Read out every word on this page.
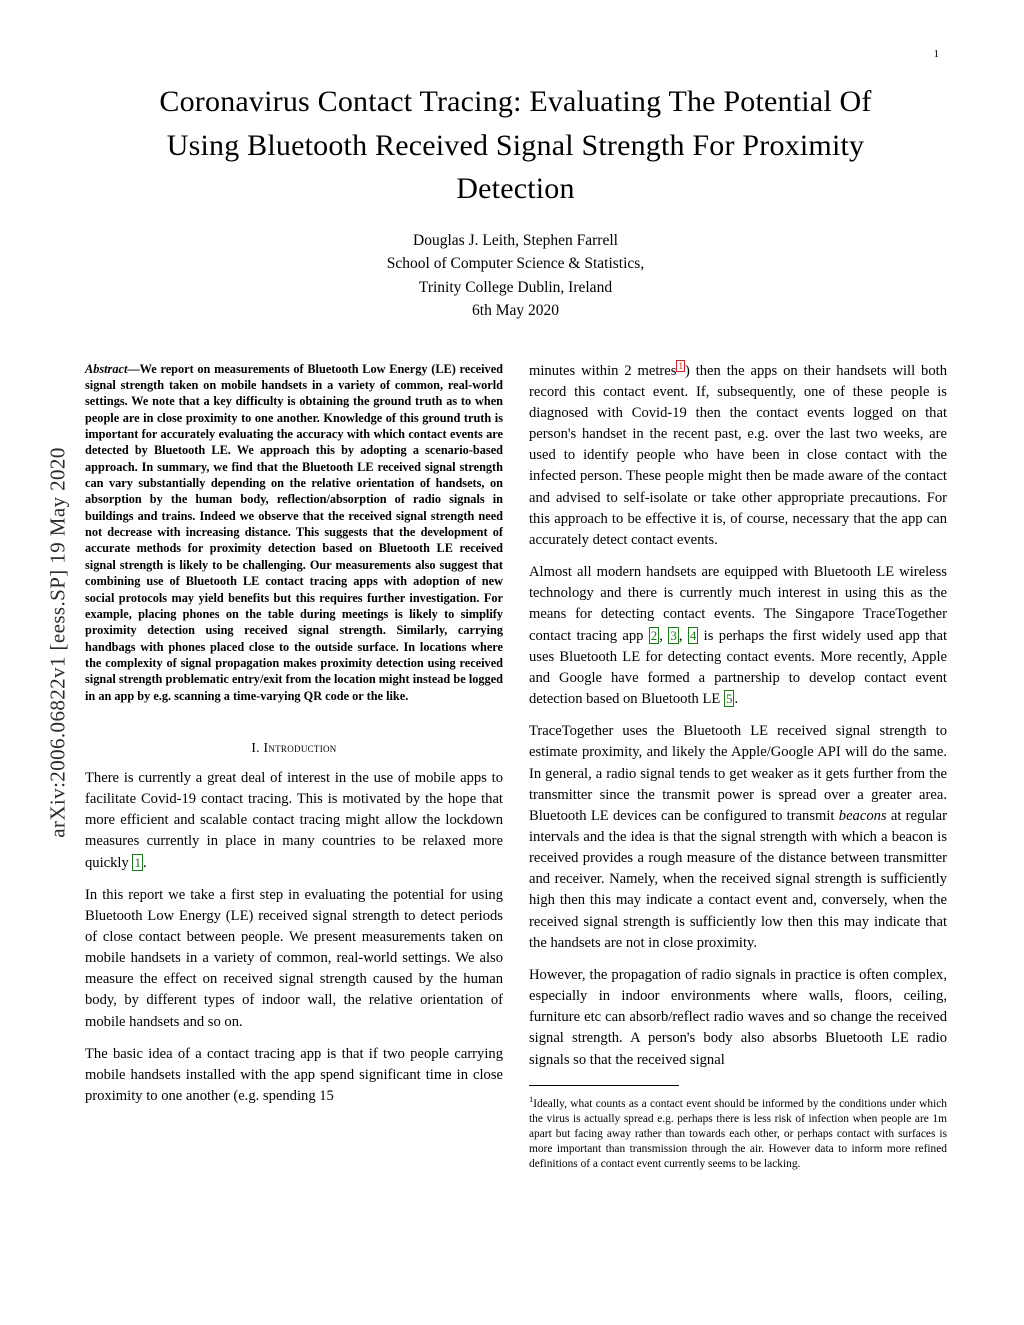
1
arXiv:2006.06822v1 [eess.SP] 19 May 2020
Coronavirus Contact Tracing: Evaluating The Potential Of Using Bluetooth Received Signal Strength For Proximity Detection
Douglas J. Leith, Stephen Farrell
School of Computer Science & Statistics,
Trinity College Dublin, Ireland
6th May 2020
Abstract—We report on measurements of Bluetooth Low Energy (LE) received signal strength taken on mobile handsets in a variety of common, real-world settings. We note that a key difficulty is obtaining the ground truth as to when people are in close proximity to one another. Knowledge of this ground truth is important for accurately evaluating the accuracy with which contact events are detected by Bluetooth LE. We approach this by adopting a scenario-based approach. In summary, we find that the Bluetooth LE received signal strength can vary substantially depending on the relative orientation of handsets, on absorption by the human body, reflection/absorption of radio signals in buildings and trains. Indeed we observe that the received signal strength need not decrease with increasing distance. This suggests that the development of accurate methods for proximity detection based on Bluetooth LE received signal strength is likely to be challenging. Our measurements also suggest that combining use of Bluetooth LE contact tracing apps with adoption of new social protocols may yield benefits but this requires further investigation. For example, placing phones on the table during meetings is likely to simplify proximity detection using received signal strength. Similarly, carrying handbags with phones placed close to the outside surface. In locations where the complexity of signal propagation makes proximity detection using received signal strength problematic entry/exit from the location might instead be logged in an app by e.g. scanning a time-varying QR code or the like.
I. Introduction

There is currently a great deal of interest in the use of mobile apps to facilitate Covid-19 contact tracing. This is motivated by the hope that more efficient and scalable contact tracing might allow the lockdown measures currently in place in many countries to be relaxed more quickly 1 .

In this report we take a first step in evaluating the potential for using Bluetooth Low Energy (LE) received signal strength to detect periods of close contact between people. We present measurements taken on mobile handsets in a variety of common, real-world settings. We also measure the effect on received signal strength caused by the human body, by different types of indoor wall, the relative orientation of mobile handsets and so on.

The basic idea of a contact tracing app is that if two people carrying mobile handsets installed with the app spend significant time in close proximity to one another (e.g. spending 15

minutes within 2 metres $^1$ ) then the apps on their handsets will both record this contact event. If, subsequently, one of these people is diagnosed with Covid-19 then the contact events logged on that person's handset in the recent past, e.g. over the last two weeks, are used to identify people who have been in close contact with the infected person. These people might then be made aware of the contact and advised to self-isolate or take other appropriate precautions. For this approach to be effective it is, of course, necessary that the app can accurately detect contact events.

Almost all modern handsets are equipped with Bluetooth LE wireless technology and there is currently much interest in using this as the means for detecting contact events. The Singapore TraceTogether contact tracing app 2 , 3 , 4 is perhaps the first widely used app that uses Bluetooth LE for detecting contact events. More recently, Apple and Google have formed a partnership to develop contact event detection based on Bluetooth LE 5 .

TraceTogether uses the Bluetooth LE received signal strength to estimate proximity, and likely the Apple/Google API will do the same. In general, a radio signal tends to get weaker as it gets further from the transmitter since the transmit power is spread over a greater area. Bluetooth LE devices can be configured to transmit beacons at regular intervals and the idea is that the signal strength with which a beacon is received provides a rough measure of the distance between transmitter and receiver. Namely, when the received signal strength is sufficiently high then this may indicate a contact event and, conversely, when the received signal strength is sufficiently low then this may indicate that the handsets are not in close proximity.

However, the propagation of radio signals in practice is often complex, especially in indoor environments where walls, floors, ceiling, furniture etc can absorb/reflect radio waves and so change the received signal strength. A person's body also absorbs Bluetooth LE radio signals so that the received signal

$^1$Ideally, what counts as a contact event should be informed by the conditions under which the virus is actually spread e.g. perhaps there is less risk of infection when people are 1m apart but facing away rather than towards each other, or perhaps contact with surfaces is more important than transmission through the air. However data to inform more refined definitions of a contact event currently seems to be lacking.
